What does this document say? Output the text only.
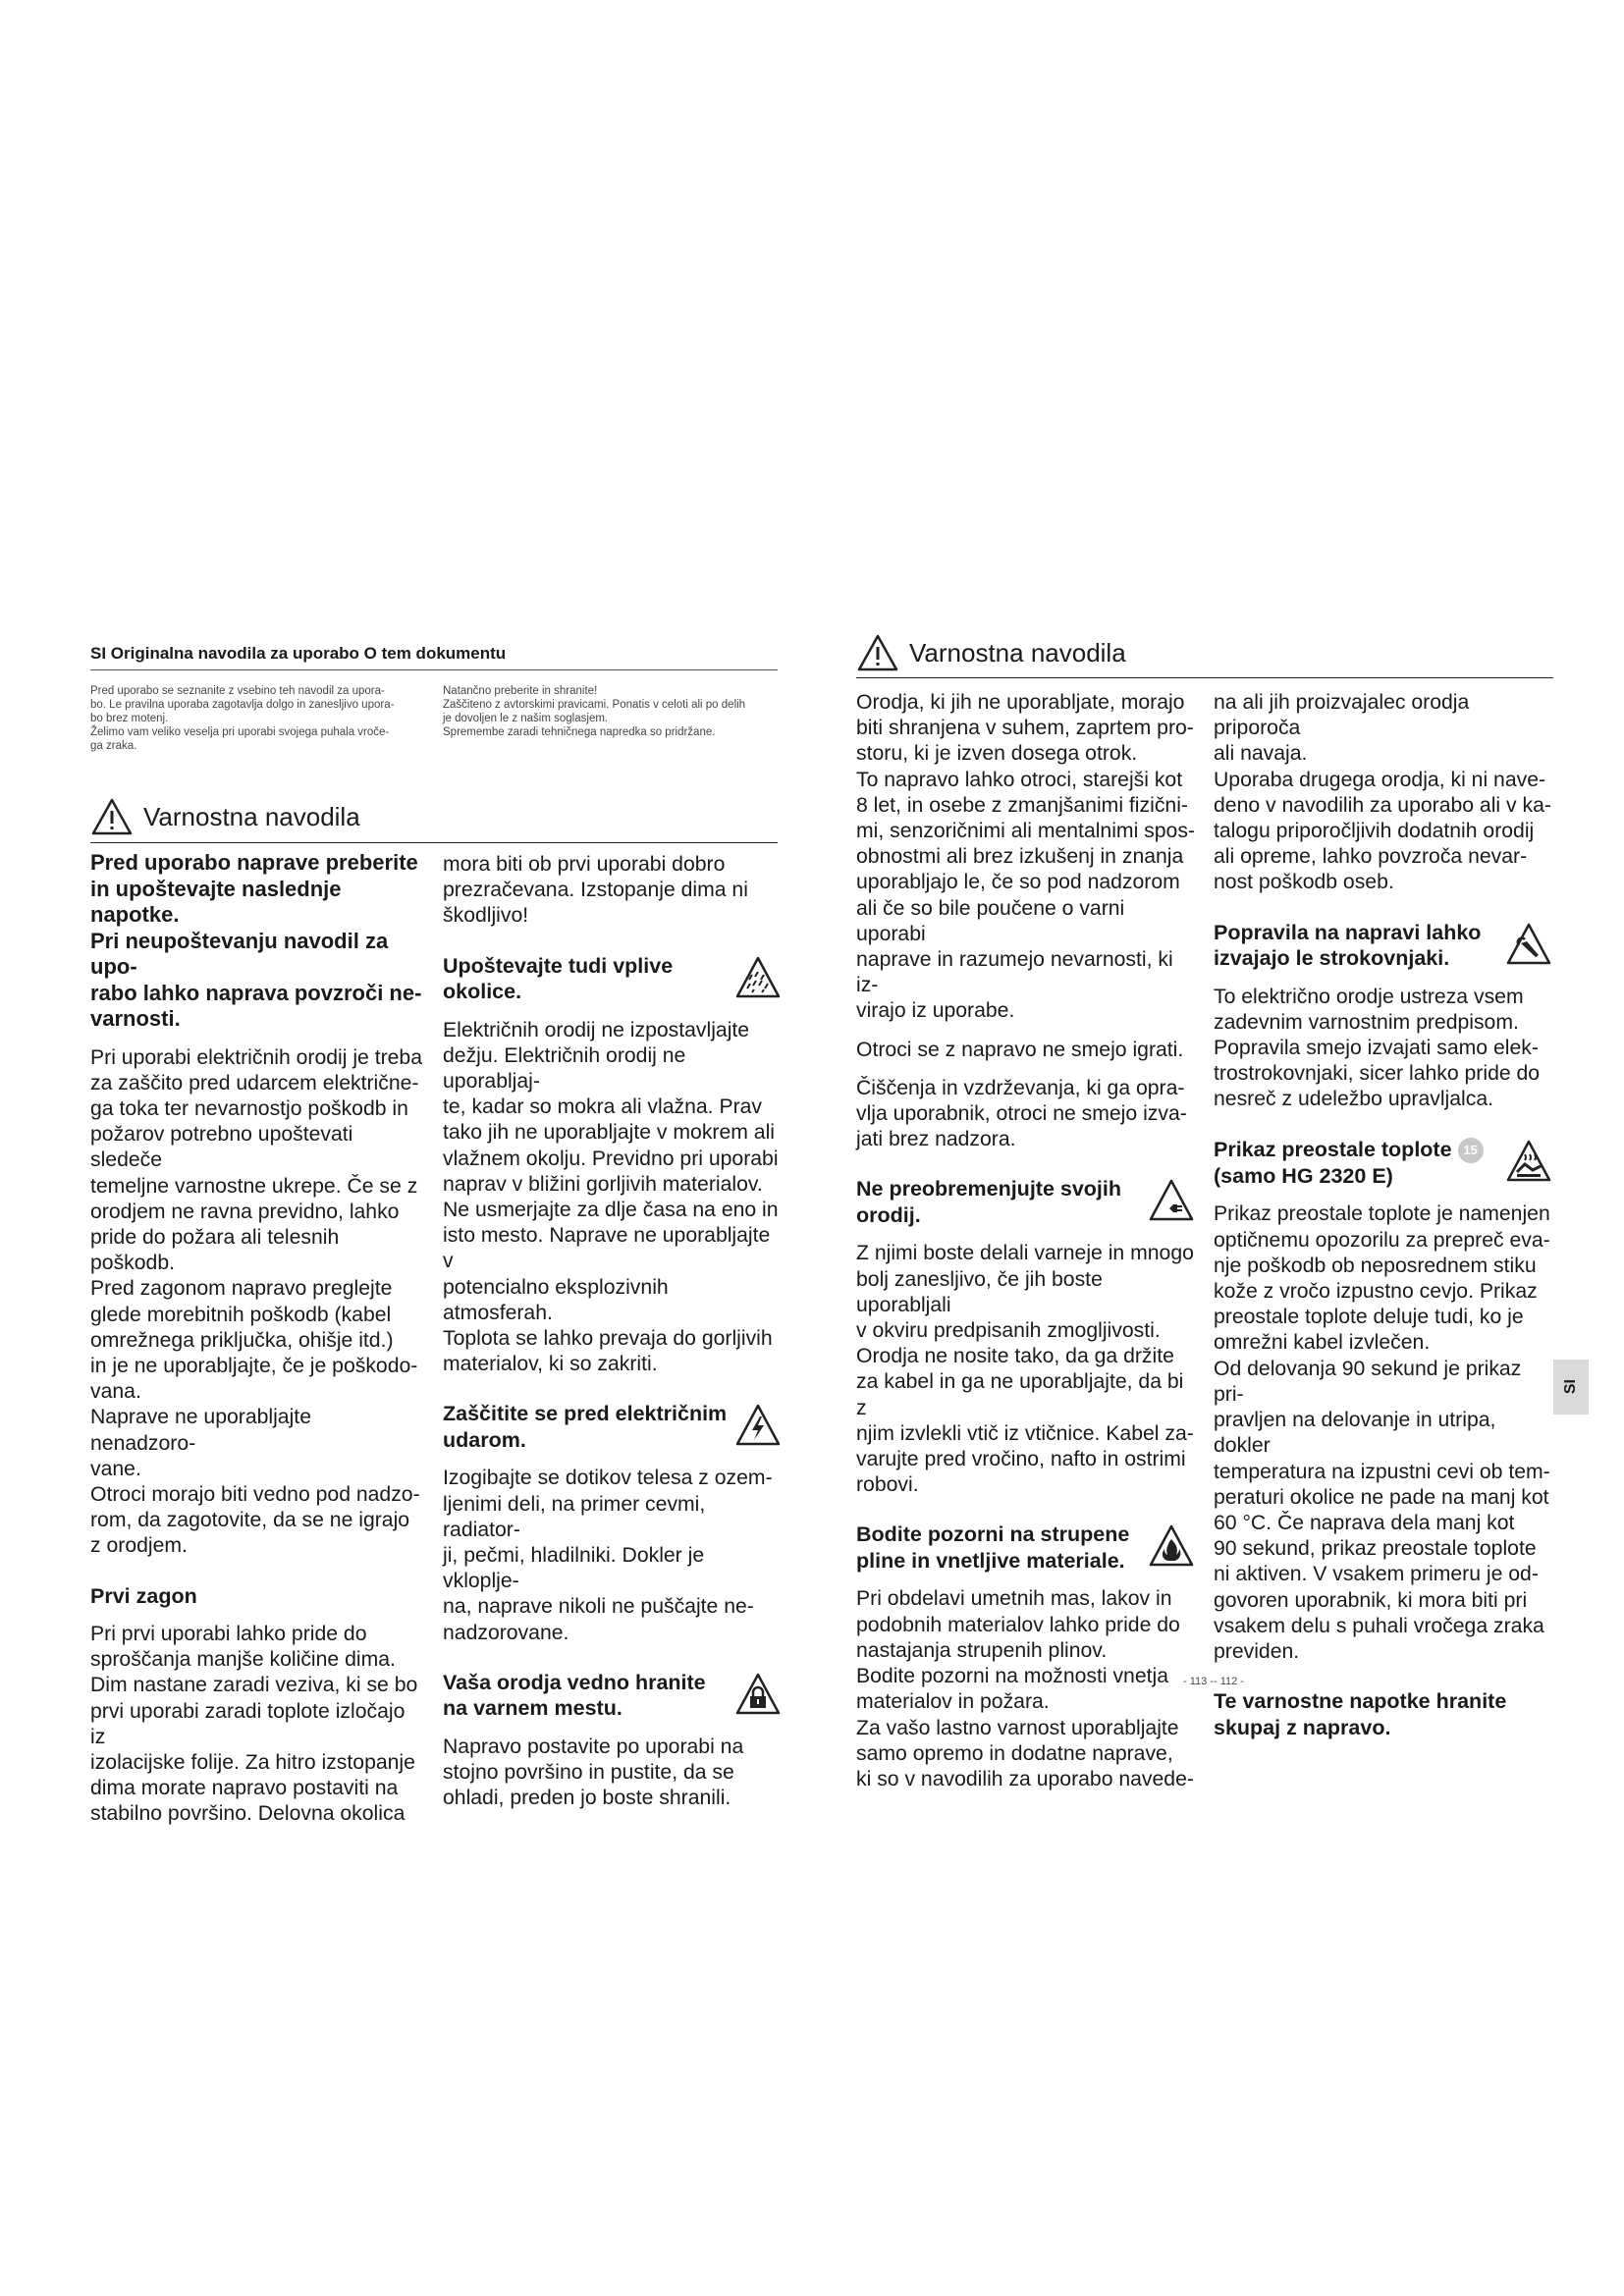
SI Originalna navodila za uporabo O tem dokumentu

Pred uporabo se seznanite z vsebino teh navodil za upora-

bo. Le pravilna uporaba zagotavlja dolgo in zanesljivo upora-

bo brez motenj.

Želimo vam veliko veselja pri uporabi svojega puhala vroče-

ga zraka.

Natančno preberite in shranite!

Zaščiteno z avtorskimi pravicami. Ponatis v celoti ali po delih

je dovoljen le z našim soglasjem.

Spremembe zaradi tehničnega napredka so pridržane.

Varnostna navodila

Pred uporabo naprave preberite

in upoštevajte naslednje napotke.

Pri neupoštevanju navodil za upo-

rabo lahko naprava povzroči ne-

varnosti.

Pri uporabi električnih orodij je treba

za zaščito pred udarcem električne-

ga toka ter nevarnostjo poškodb in

požarov potrebno upoštevati sledeče

temeljne varnostne ukrepe. Če se z

orodjem ne ravna previdno, lahko

pride do požara ali telesnih poškodb.

Pred zagonom napravo preglejte

glede morebitnih poškodb (kabel

omrežnega priključka, ohišje itd.)

in je ne uporabljajte, če je poškodo-

vana.

Naprave ne uporabljajte nenadzoro-

vane.

Otroci morajo biti vedno pod nadzo-

rom, da zagotovite, da se ne igrajo

z orodjem.

Prvi zagon

Pri prvi uporabi lahko pride do

sproščanja manjše količine dima.

Dim nastane zaradi veziva, ki se bo

prvi uporabi zaradi toplote izločajo iz

izolacijske folije. Za hitro izstopanje

dima morate napravo postaviti na

stabilno površino. Delovna okolica

mora biti ob prvi uporabi dobro

prezračevana. Izstopanje dima ni

škodljivo!

Upoštevajte tudi vplive

okolice.

Električnih orodij ne izpostavljajte

dežju. Električnih orodij ne uporabljaj-

te, kadar so mokra ali vlažna. Prav

tako jih ne uporabljajte v mokrem ali

vlažnem okolju. Previdno pri uporabi

naprav v bližini gorljivih materialov.

Ne usmerjajte za dlje časa na eno in

isto mesto. Naprave ne uporabljajte v

potencialno eksplozivnih atmosferah.

Toplota se lahko prevaja do gorljivih

materialov, ki so zakriti.

Zaščitite se pred električnim

udarom.

Izogibajte se dotikov telesa z ozem-

ljenimi deli, na primer cevmi, radiator-

ji, pečmi, hladilniki. Dokler je vklopljе-

na, naprave nikoli ne puščajte ne-

nadzorovane.

Vaša orodja vedno hranite

na varnem mestu.

Napravo postavite po uporabi na

stojno površino in pustite, da se

ohladi, preden jo boste shranili.

Varnostna navodila

Orodja, ki jih ne uporabljate, morajo

biti shranjena v suhem, zaprtem pro-

storu, ki je izven dosega otrok.

To napravo lahko otroci, starejši kot

8 let, in osebe z zmanjšanimi fizični-

mi, senzoričnimi ali mentalnimi spos-

obnostmi ali brez izkušenj in znanja

uporabljajo le, če so pod nadzorom

ali če so bile poučene o varni uporabi

naprave in razumejo nevarnosti, ki iz-

virajo iz uporabe.

Otroci se z napravo ne smejo igrati.

Čiščenja in vzdrževanja, ki ga opra-

vlja uporabnik, otroci ne smejo izva-

jati brez nadzora.

Ne preobremenjujte svojih

orodij.

Z njimi boste delali varneje in mnogo

bolj zanesljivo, če jih boste uporabljali

v okviru predpisanih zmogljivosti.

Orodja ne nosite tako, da ga držite

za kabel in ga ne uporabljajte, da bi z

njim izvlekli vtič iz vtičnice. Kabel za-

varujte pred vročino, nafto in ostrimi

robovi.

Bodite pozorni na strupene

pline in vnetljive materiale.

Pri obdelavi umetnih mas, lakov in

podobnih materialov lahko pride do

nastajanja strupenih plinov.

Bodite pozorni na možnosti vnetja

materialov in požara.

Za vašo lastno varnost uporabljajte

samo opremo in dodatne naprave,

ki so v navodilih za uporabo navede-

na ali jih proizvajalec orodja priporoča

ali navaja.

Uporaba drugega orodja, ki ni nave-

deno v navodilih za uporabo ali v ka-

talogu priporočljivih dodatnih orodij

ali opreme, lahko povzroča nevar-

nost poškodb oseb.

Popravila na napravi lahko

izvajajo le strokovnjaki.

To električno orodje ustreza vsem

zadevnim varnostnim predpisom.

Popravila smejo izvajati samo elek-

trostrokovnjaki, sicer lahko pride do

nesreč z udeležbo upravljalca.

Prikaz preostale toplote 15

(samo HG 2320 E)

Prikaz preostale toplote je namenjen

optičnemu opozorilu za prepreč eva-

nje poškodb ob neposrednem stiku

kože z vročo izpustno cevjo. Prikaz

preostale toplote deluje tudi, ko je

omrežni kabel izvlečen.

Od delovanja 90 sekund je prikaz pri-

pravljen na delovanje in utripa, dokler

temperatura na izpustni cevi ob tem-

peraturi okolice ne pade na manj kot

60 °C. Če naprava dela manj kot

90 sekund, prikaz preostale toplote

ni aktiven. V vsakem primeru je od-

govoren uporabnik, ki mora biti pri

vsakem delu s puhali vročega zraka

previden.

Te varnostne napotke hranite

skupaj z napravo.

SI
- 113 -- 112 -
